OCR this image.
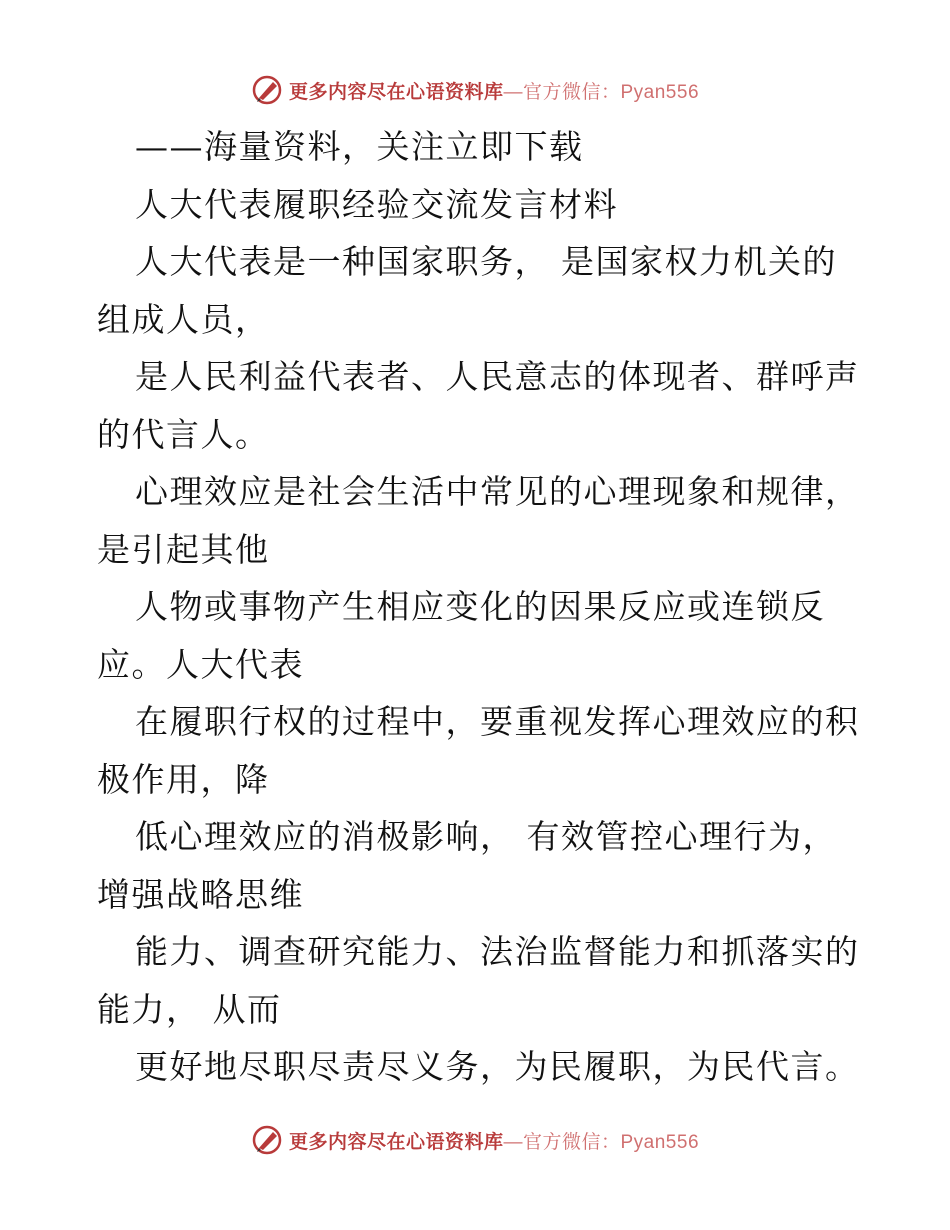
更多内容尽在心语资料库—官方微信：Pyan556
——海量资料，关注立即下载
人大代表履职经验交流发言材料
人大代表是一种国家职务， 是国家权力机关的
组成人员，
是人民利益代表者、人民意志的体现者、群呼声
的代言人。
心理效应是社会生活中常见的心理现象和规律，
是引起其他
人物或事物产生相应变化的因果反应或连锁反
应。人大代表
在履职行权的过程中，要重视发挥心理效应的积
极作用，降
低心理效应的消极影响， 有效管控心理行为，
增强战略思维
能力、调查研究能力、法治监督能力和抓落实的
能力， 从而
更好地尽职尽责尽义务，为民履职，为民代言。
更多内容尽在心语资料库—官方微信：Pyan556
